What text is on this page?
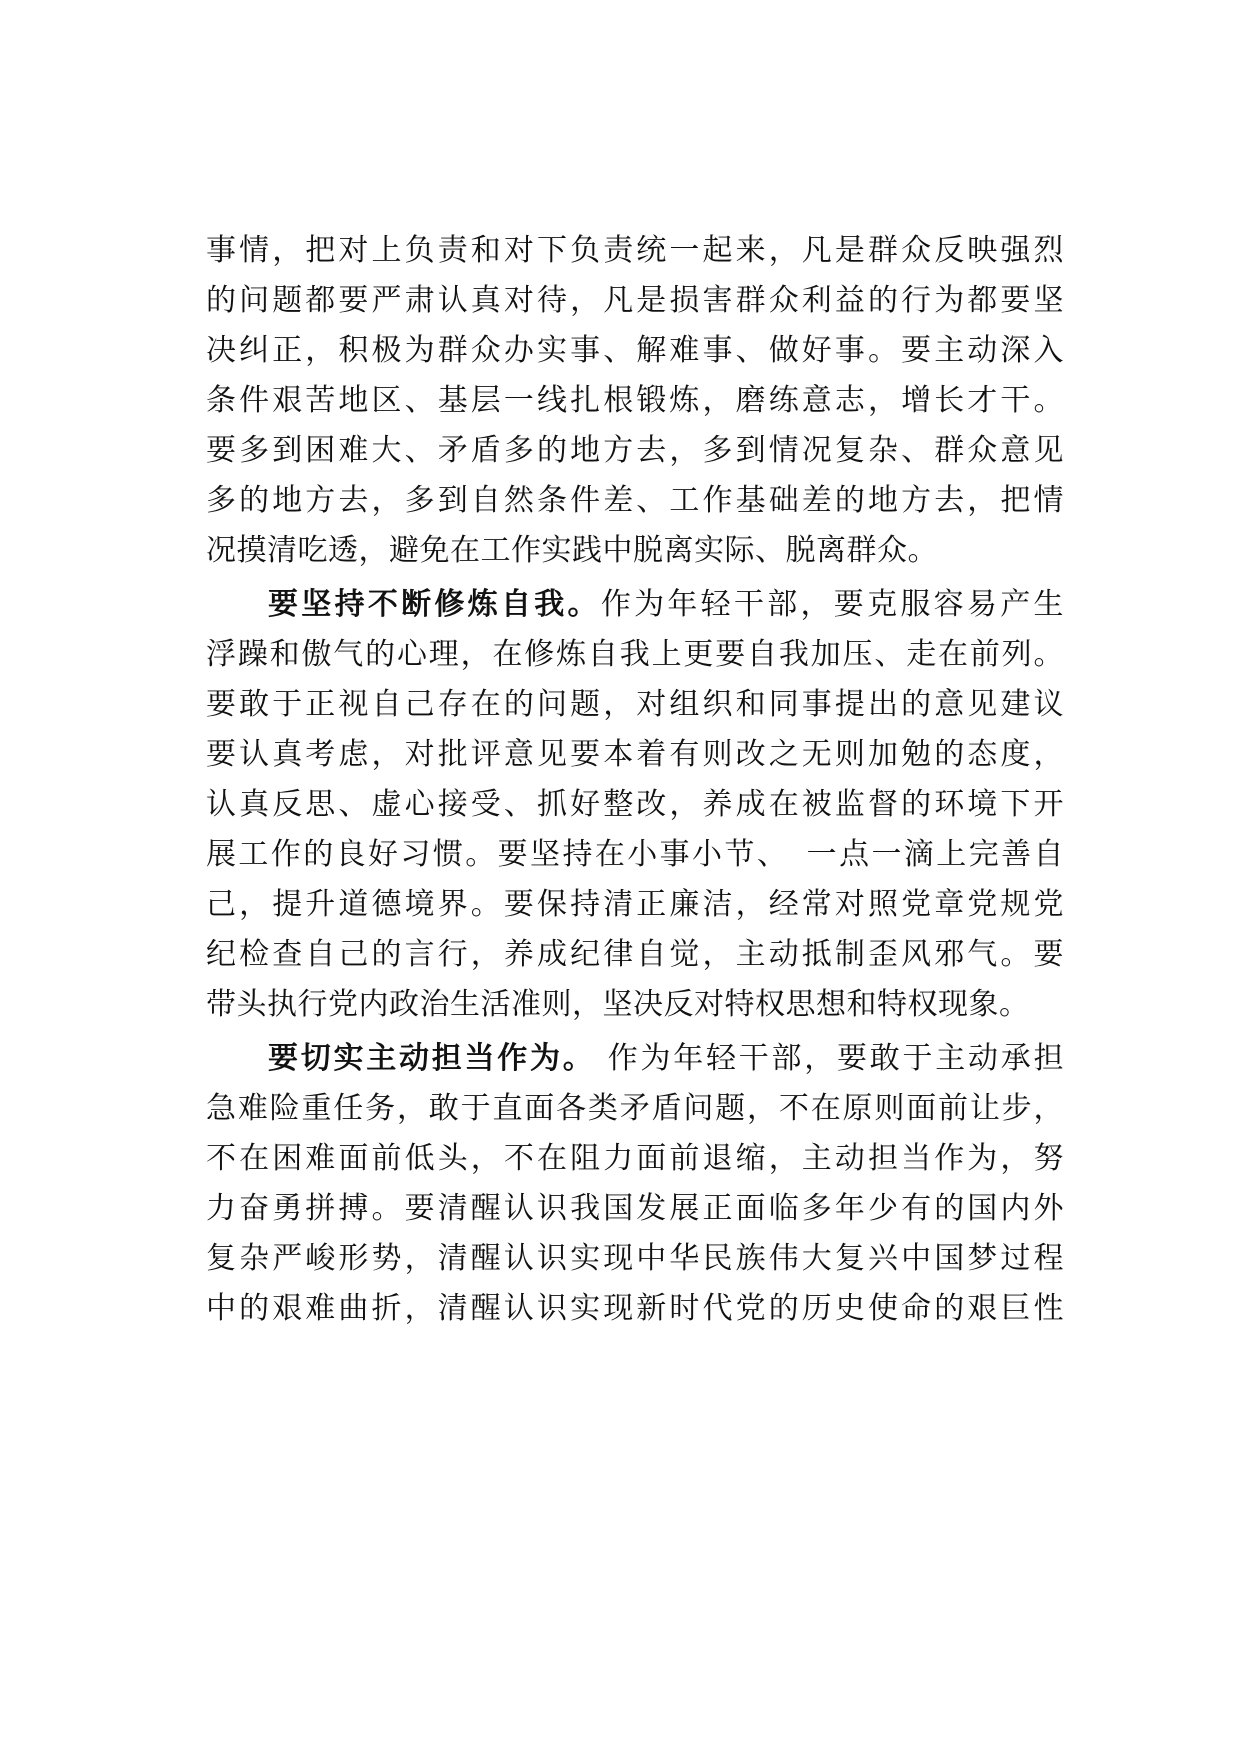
事情，把对上负责和对下负责统一起来，凡是群众反映强烈
的问题都要严肃认真对待，凡是损害群众利益的行为都要坚
决纠正，积极为群众办实事、解难事、做好事。要主动深入
条件艰苦地区、基层一线扎根锻炼，磨练意志，增长才干。
要多到困难大、矛盾多的地方去，多到情况复杂、群众意见
多的地方去，多到自然条件差、工作基础差的地方去，把情
况摸清吃透，避免在工作实践中脱离实际、脱离群众。
要坚持不断修炼自我。作为年轻干部，要克服容易产生
浮躁和傲气的心理，在修炼自我上更要自我加压、走在前列。
要敢于正视自己存在的问题，对组织和同事提出的意见建议
要认真考虑，对批评意见要本着有则改之无则加勉的态度，
认真反思、虚心接受、抓好整改，养成在被监督的环境下开
展工作的良好习惯。要坚持在小事小节、　一点一滴上完善自
己，提升道德境界。要保持清正廉洁，经常对照党章党规党
纪检查自己的言行，养成纪律自觉，主动抵制歪风邪气。要
带头执行党内政治生活准则，坚决反对特权思想和特权现象。
要切实主动担当作为。 作为年轻干部，要敢于主动承担
急难险重任务，敢于直面各类矛盾问题，不在原则面前让步，
不在困难面前低头，不在阻力面前退缩，主动担当作为，努
力奋勇拼搏。要清醒认识我国发展正面临多年少有的国内外
复杂严峻形势，清醒认识实现中华民族伟大复兴中国梦过程
中的艰难曲折，清醒认识实现新时代党的历史使命的艰巨性
